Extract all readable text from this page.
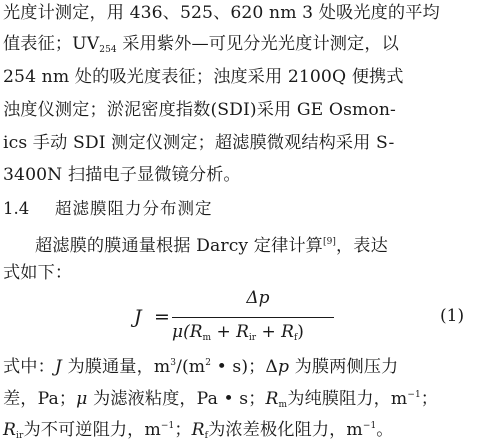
光度计测定，用 436、525、620 nm 3 处吸光度的平均
值表征；$UV_{254}$ 采用紫外—可见分光光度计测定，以
254 nm 处的吸光度表征；浊度采用 2100Q 便携式
浊度仪测定；淤泥密度指数(SDI)采用 GE Osmon-
ics 手动 SDI 测定仪测定；超滤膜微观结构采用 S-
3400N 扫描电子显微镜分析。
1.4 超滤膜阻力分布测定
超滤膜的膜通量根据 Darcy 定律计算[9]，表达
式如下：
J =
Δp
$\mu(R_m + R_{ir} + R_f)$
(1)
式中：J 为膜通量，$m^3/(m^2$ • s)；Δp 为膜两侧压力
差，Pa；μ 为滤液粘度，Pa • s；$R_m$为纯膜阻力，$m^{-1}$；
$R_{ir}$为不可逆阻力，$m^{-1}$；$R_f$为浓差极化阻力，$m^{-1}$。
